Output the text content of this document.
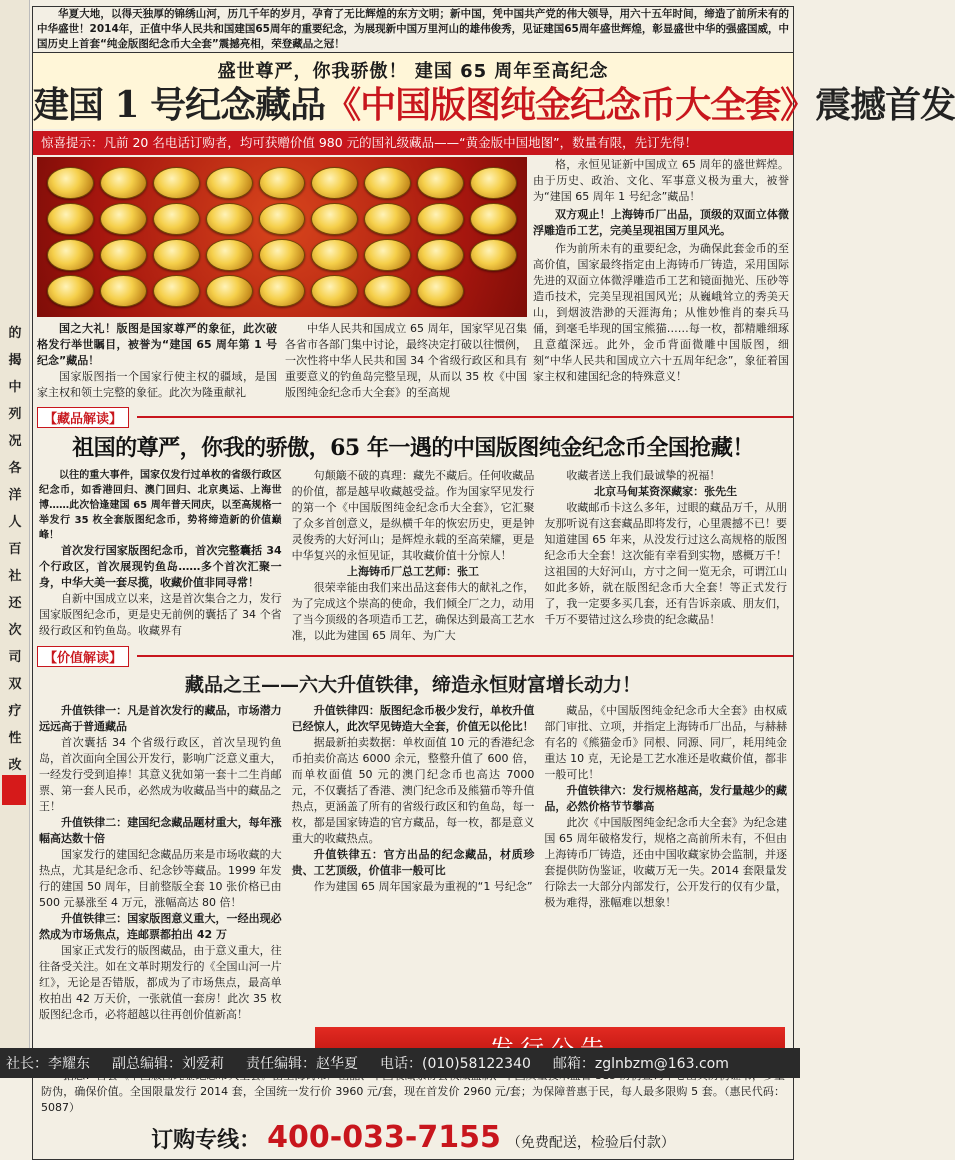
的
揭
中
列
况
各
洋
人
百
社
还
次
司
双
疗
性
改

华夏大地，以得天独厚的锦绣山河，历几千年的岁月，孕育了无比辉煌的东方文明；新中国，凭中国共产党的伟大领导，用六十五年时间，缔造了前所未有的中华盛世！2014年，正值中华人民共和国建国65周年的重要纪念，为展现新中国万里河山的雄伟俊秀，见证建国65周年盛世辉煌，彰显盛世中华的强盛国威，中国历史上首套“纯金版图纪念币大全套”震撼亮相，荣登藏品之冠！

盛世尊严，你我骄傲！ 建国 65 周年至高纪念
建国 1 号纪念藏品《中国版图纯金纪念币大全套》震撼首发
惊喜提示：凡前 20 名电话订购者，均可获赠价值 980 元的国礼级藏品——“黄金版中国地图”，数量有限，先订先得！

国之大礼！版图是国家尊严的象征，此次破格发行举世瞩目，被誉为“建国 65 周年第 1 号纪念”藏品！

国家版图指一个国家行使主权的疆域，是国家主权和领土完整的象征。此次为隆重献礼

中华人民共和国成立 65 周年，国家罕见召集各省市各部门集中讨论，最终决定打破以往惯例，一次性将中华人民共和国 34 个省级行政区和具有重要意义的钓鱼岛完整呈现，从而以 35 枚《中国版图纯金纪念币大全套》的至高规

格，永恒见证新中国成立 65 周年的盛世辉煌。由于历史、政治、文化、军事意义极为重大，被誉为“建国 65 周年 1 号纪念”藏品！

双方观止！上海铸币厂出品，顶级的双面立体微浮雕造币工艺，完美呈现祖国万里风光。

作为前所未有的重要纪念，为确保此套金币的至高价值，国家最终指定由上海铸币厂铸造，采用国际先进的双面立体微浮雕造币工艺和镜面抛光、压砂等造币技术，完美呈现祖国风光；从巍峨耸立的秀美天山，到烟波浩渺的天涯海角；从惟妙惟肖的秦兵马俑，到毫毛毕现的国宝熊猫……每一枚，都精雕细琢且意蕴深远。此外，金币背面微雕中国版图，细刻“中华人民共和国成立六十五周年纪念”，象征着国家主权和建国纪念的特殊意义！

【藏品解读】
祖国的尊严，你我的骄傲，65 年一遇的中国版图纯金纪念币全国抢藏！

以往的重大事件，国家仅发行过单枚的省级行政区纪念币，如香港回归、澳门回归、北京奥运、上海世博……此次恰逢建国 65 周年普天同庆，以至高规格一举发行 35 枚全套版图纪念币，势将缔造新的价值巅峰！

首次发行国家版图纪念币，首次完整囊括 34 个行政区，首次展现钓鱼岛……多个首次汇聚一身，中华大美一套尽揽，收藏价值非同寻常！

自新中国成立以来，这是首次集合之力，发行国家版图纪念币，更是史无前例的囊括了 34 个省级行政区和钓鱼岛。收藏界有

句颠簸不破的真理：藏先不藏后。任何收藏品的价值，都是越早收藏越受益。作为国家罕见发行的第一个《中国版图纯金纪念币大全套》，它汇聚了众多首创意义，是纵横千年的恢宏历史，更是钟灵俊秀的大好河山；是辉煌永载的至高荣耀，更是中华复兴的永恒见证，其收藏价值十分惊人！

上海铸币厂总工艺师：张工

很荣幸能由我们来出品这套伟大的献礼之作，为了完成这个崇高的使命，我们倾全厂之力，动用了当今顶级的各项造币工艺，确保达到最高工艺水准，以此为建国 65 周年、为广大

收藏者送上我们最诚挚的祝福！

北京马甸某资深藏家：张先生

收藏邮币卡这么多年，过眼的藏品万千，从朋友那听说有这套藏品即将发行，心里震撼不已！要知道建国 65 年来，从没发行过这么高规格的版图纪念币大全套！这次能有幸看到实物，感概万千！这祖国的大好河山，方寸之间一览无余，可谓江山如此多娇，就在版图纪念币大全套！等正式发行了，我一定要多买几套，还有告诉亲戚、朋友们，千万不要错过这么珍贵的纪念藏品！

【价值解读】
藏品之王——六大升值铁律，缔造永恒财富增长动力！

升值铁律一：凡是首次发行的藏品，市场潜力远远高于普通藏品

首次囊括 34 个省级行政区，首次呈现钓鱼岛，首次面向全国公开发行，影响广泛意义重大，一经发行受到追捧！其意义犹如第一套十二生肖邮票、第一套人民币，必然成为收藏品当中的藏品之王！

升值铁律二：建国纪念藏品题材重大，每年涨幅高达数十倍

国家发行的建国纪念藏品历来是市场收藏的大热点，尤其是纪念币、纪念钞等藏品。1999 年发行的建国 50 周年，目前整版全套 10 张价格已由 500 元暴涨至 4 万元，涨幅高达 80 倍！

升值铁律三：国家版图意义重大，一经出现必然成为市场焦点，连邮票都拍出 42 万

国家正式发行的版图藏品，由于意义重大，往往备受关注。如在文革时期发行的《全国山河一片红》，无论是否错版，都成为了市场焦点，最高单枚拍出 42 万天价，一张就值一套房！此次 35 枚版图纪念币，必将超越以往再创价值新高！

升值铁律四：版图纪念币极少发行，单枚升值已经惊人，此次罕见铸造大全套，价值无以伦比！

据最新拍卖数据：单枚面值 10 元的香港纪念币拍卖价高达 6000 余元，整整升值了 600 倍，而单枚面值 50 元的澳门纪念币也高达 7000 元，不仅囊括了香港、澳门纪念币及熊猫币等升值热点，更涵盖了所有的省级行政区和钓鱼岛，每一枚，都是国家铸造的官方藏品，每一枚，都是意义重大的收藏热点。

升值铁律五：官方出品的纪念藏品，材质珍贵、工艺顶级，价值非一般可比

作为建国 65 周年国家最为重视的“1 号纪念”

藏品，《中国版图纯金纪念币大全套》由权威部门审批、立项，并指定上海铸币厂出品，与赫赫有名的《熊猫金币》同根、同源、同厂，耗用纯金重达 10 克，无论是工艺水准还是收藏价值，都非一般可比！

升值铁律六：发行规格越高，发行量越少的藏品，必然价格节节攀高

此次《中国版图纯金纪念币大全套》为纪念建国 65 周年破格发行，规格之高前所未有，不但由上海铸币厂铸造，还由中国收藏家协会监制，并逐套提供防伪鉴证，收藏万无一失。2014 套限量发行除去一大部分内部发行，公开发行的仅有少量，极为难得，涨幅难以想象！

防伪，确保价值。全国限量发行 2014 套，全国统一发行价 3960 元/套，现在首发价 2960 元/套；为保障普惠于民，每人最多限购 5 套。（惠民代码：5087）

订购专线： 400-033-7155 （免费配送，检验后付款）
社长：李耀东 副总编辑：刘爱莉 责任编辑：赵华夏 电话：(010)58122340 邮箱：zglnbzm@163.com
